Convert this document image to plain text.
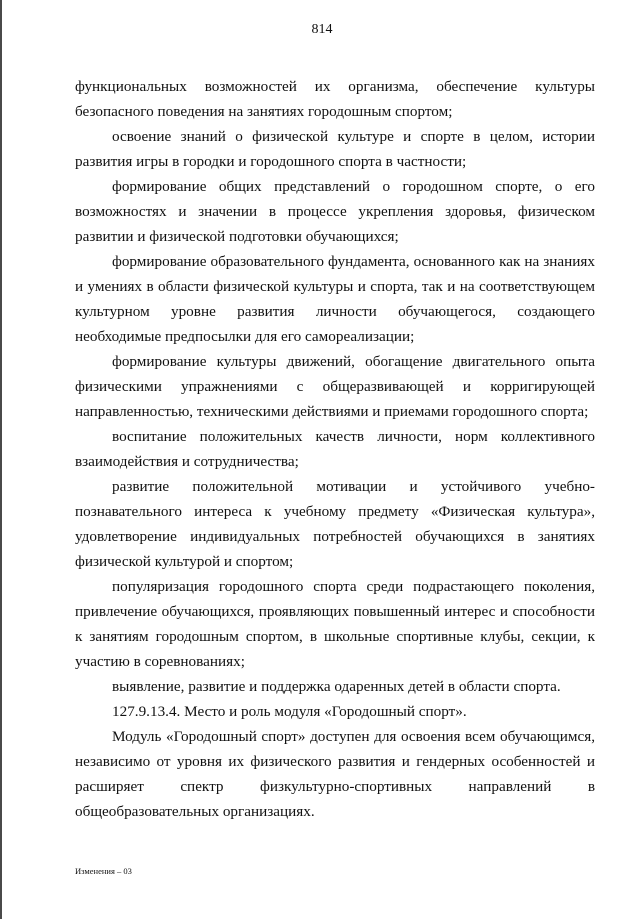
814

функциональных возможностей их организма, обеспечение культуры безопасного поведения на занятиях городошным спортом;

освоение знаний о физической культуре и спорте в целом, истории развития игры в городки и городошного спорта в частности;

формирование общих представлений о городошном спорте, о его возможностях и значении в процессе укрепления здоровья, физическом развитии и физической подготовки обучающихся;

формирование образовательного фундамента, основанного как на знаниях и умениях в области физической культуры и спорта, так и на соответствующем культурном уровне развития личности обучающегося, создающего необходимые предпосылки для его самореализации;

формирование культуры движений, обогащение двигательного опыта физическими упражнениями с общеразвивающей и корригирующей направленностью, техническими действиями и приемами городошного спорта;

воспитание положительных качеств личности, норм коллективного взаимодействия и сотрудничества;

развитие положительной мотивации и устойчивого учебно-познавательного интереса к учебному предмету «Физическая культура», удовлетворение индивидуальных потребностей обучающихся в занятиях физической культурой и спортом;

популяризация городошного спорта среди подрастающего поколения, привлечение обучающихся, проявляющих повышенный интерес и способности к занятиям городошным спортом, в школьные спортивные клубы, секции, к участию в соревнованиях;

выявление, развитие и поддержка одаренных детей в области спорта.

127.9.13.4. Место и роль модуля «Городошный спорт».

Модуль «Городошный спорт» доступен для освоения всем обучающимся, независимо от уровня их физического развития и гендерных особенностей и расширяет спектр физкультурно-спортивных направлений в общеобразовательных организациях.

Изменения – 03
